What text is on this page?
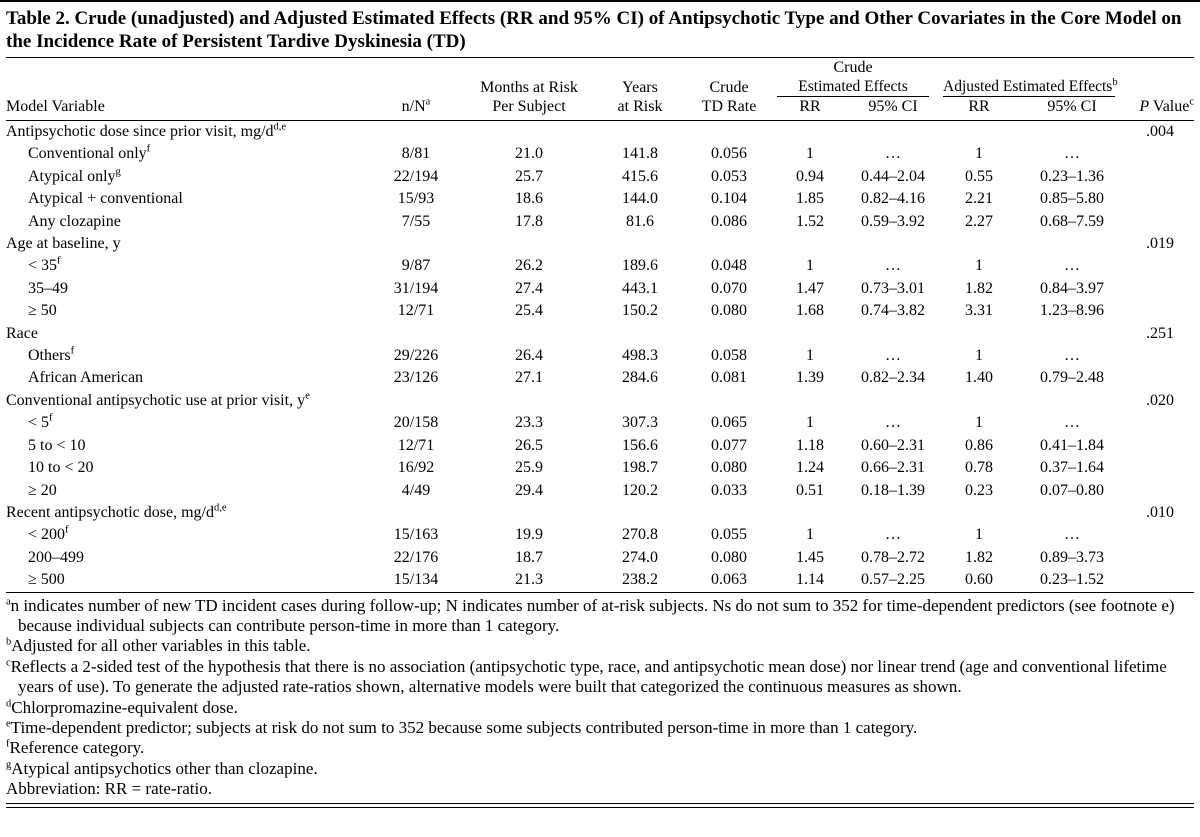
Table 2. Crude (unadjusted) and Adjusted Estimated Effects (RR and 95% CI) of Antipsychotic Type and Other Covariates in the Core Model on the Incidence Rate of Persistent Tardive Dyskinesia (TD)
					Crude				
		Months at Risk	Years	Crude	Estimated Effects		Adjusted Estimated Effects$^b$

Model Variable	$n/N^a$	Per Subject	at Risk	TD Rate	RR	95% CI	RR	95% CI	P Value$^c$
Antipsychotic dose since prior visit, $mg/d^{d,e}$									.004
Conventional only$^f$	8/81	21.0	141.8	0.056	1	…	1	…	
Atypical only$^g$	22/194	25.7	415.6	0.053	0.94	0.44–2.04	0.55	0.23–1.36	
Atypical + conventional	15/93	18.6	144.0	0.104	1.85	0.82–4.16	2.21	0.85–5.80	
Any clozapine	7/55	17.8	81.6	0.086	1.52	0.59–3.92	2.27	0.68–7.59	
Age at baseline, y									.019
< $35^f$	9/87	26.2	189.6	0.048	1	…	1	…	
35–49	31/194	27.4	443.1	0.070	1.47	0.73–3.01	1.82	0.84–3.97	
≥ 50	12/71	25.4	150.2	0.080	1.68	0.74–3.82	3.31	1.23–8.96	
Race									.251
Others$^f$	29/226	26.4	498.3	0.058	1	…	1	…	
African American	23/126	27.1	284.6	0.081	1.39	0.82–2.34	1.40	0.79–2.48	
Conventional antipsychotic use at prior visit, $y^e$									.020
< $5^f$	20/158	23.3	307.3	0.065	1	…	1	…	
5 to < 10	12/71	26.5	156.6	0.077	1.18	0.60–2.31	0.86	0.41–1.84	
10 to < 20	16/92	25.9	198.7	0.080	1.24	0.66–2.31	0.78	0.37–1.64	
≥ 20	4/49	29.4	120.2	0.033	0.51	0.18–1.39	0.23	0.07–0.80	
Recent antipsychotic dose, $mg/d^{d,e}$									.010
< $200^f$	15/163	19.9	270.8	0.055	1	…	1	…	
200–499	22/176	18.7	274.0	0.080	1.45	0.78–2.72	1.82	0.89–3.73	
≥ 500	15/134	21.3	238.2	0.063	1.14	0.57–2.25	0.60	0.23–1.52	
$^a$n indicates number of new TD incident cases during follow-up; N indicates number of at-risk subjects. Ns do not sum to 352 for time-dependent predictors (see footnote e) because individual subjects can contribute person-time in more than 1 category.
$^b$Adjusted for all other variables in this table.
$^c$Reflects a 2-sided test of the hypothesis that there is no association (antipsychotic type, race, and antipsychotic mean dose) nor linear trend (age and conventional lifetime years of use). To generate the adjusted rate-ratios shown, alternative models were built that categorized the continuous measures as shown.
$^d$Chlorpromazine-equivalent dose.
$^e$Time-dependent predictor; subjects at risk do not sum to 352 because some subjects contributed person-time in more than 1 category.
$^f$Reference category.
$^g$Atypical antipsychotics other than clozapine.
Abbreviation: RR = rate-ratio.
